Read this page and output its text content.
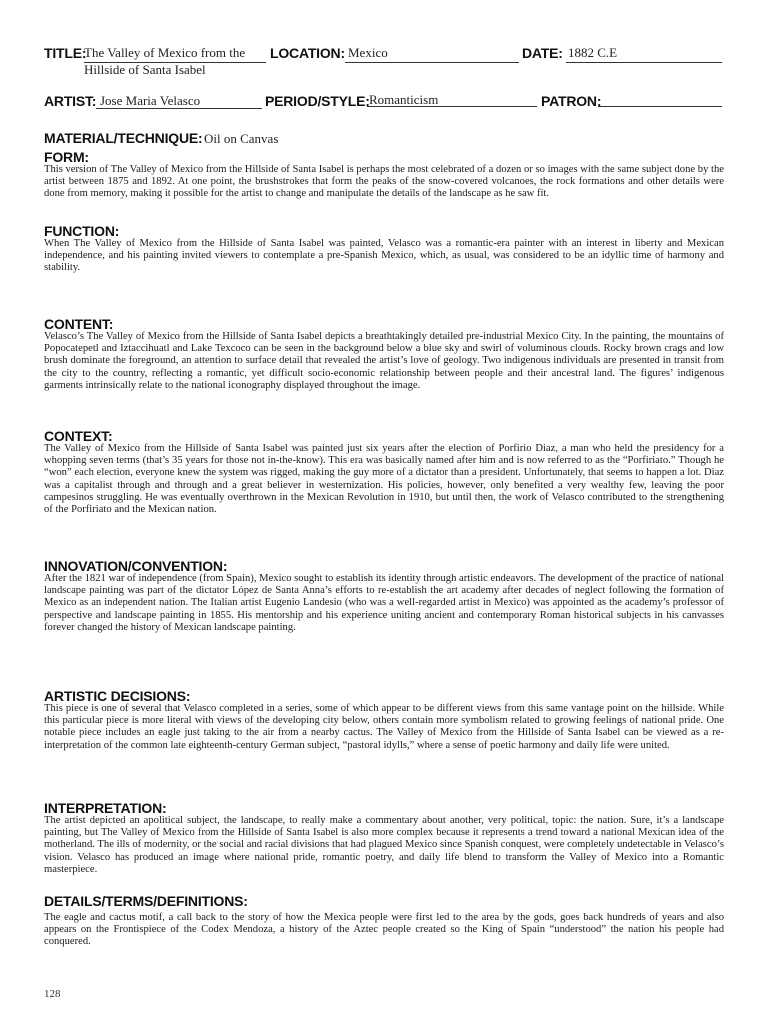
TITLE:
The Valley of Mexico from the
Hillside of Santa Isabel
LOCATION: Mexico	DATE: 1882 C.E
ARTIST: Jose Maria Velasco	PERIOD/STYLE: Romanticism	PATRON:
MATERIAL/TECHNIQUE: Oil on Canvas
FORM:

This version of The Valley of Mexico from the Hillside of Santa Isabel is perhaps the most celebrated of a dozen or so images with the same subject done by the artist between 1875 and 1892. At one point, the brushstrokes that form the peaks of the snow-covered volcanoes, the rock formations and other details were done from memory, making it possible for the artist to change and manipulate the details of the landscape as he saw fit.

FUNCTION:

When The Valley of Mexico from the Hillside of Santa Isabel was painted, Velasco was a romantic-era painter with an interest in liberty and Mexican independence, and his painting invited viewers to contemplate a pre-Spanish Mexico, which, as usual, was considered to be an idyllic time of harmony and stability.

CONTENT:

Velasco’s The Valley of Mexico from the Hillside of Santa Isabel depicts a breathtakingly detailed pre-industrial Mexico City. In the painting, the mountains of Popocatepetl and Iztaccihuatl and Lake Texcoco can be seen in the background below a blue sky and swirl of voluminous clouds. Rocky brown crags and low brush dominate the foreground, an attention to surface detail that revealed the artist’s love of geology. Two indigenous individuals are presented in transit from the city to the country, reflecting a romantic, yet difficult socio-economic relationship between people and their ancestral land. The figures’ indigenous garments intrinsically relate to the national iconography displayed throughout the image.

CONTEXT:

The Valley of Mexico from the Hillside of Santa Isabel was painted just six years after the election of Porfirio Diaz, a man who held the presidency for a whopping seven terms (that’s 35 years for those not in-the-know). This era was basically named after him and is now referred to as the “Porfiriato.” Though he “won” each election, everyone knew the system was rigged, making the guy more of a dictator than a president. Unfortunately, that seems to happen a lot. Diaz was a capitalist through and through and a great believer in westernization. His policies, however, only benefited a very wealthy few, leaving the poor campesinos struggling. He was eventually overthrown in the Mexican Revolution in 1910, but until then, the work of Velasco contributed to the strengthening of the Porfiriato and the Mexican nation.

INNOVATION/CONVENTION:

After the 1821 war of independence (from Spain), Mexico sought to establish its identity through artistic endeavors. The development of the practice of national landscape painting was part of the dictator López de Santa Anna’s efforts to re-establish the art academy after decades of neglect following the formation of Mexico as an independent nation. The Italian artist Eugenio Landesio (who was a well-regarded artist in Mexico) was appointed as the academy’s professor of perspective and landscape painting in 1855. His mentorship and his experience uniting ancient and contemporary Roman historical subjects in his canvasses forever changed the history of Mexican landscape painting.

ARTISTIC DECISIONS:

This piece is one of several that Velasco completed in a series, some of which appear to be different views from this same vantage point on the hillside. While this particular piece is more literal with views of the developing city below, others contain more symbolism related to growing feelings of national pride. One notable piece includes an eagle just taking to the air from a nearby cactus. The Valley of Mexico from the Hillside of Santa Isabel can be viewed as a re-interpretation of the common late eighteenth-century German subject, “pastoral idylls,” where a sense of poetic harmony and daily life were united.

INTERPRETATION:

The artist depicted an apolitical subject, the landscape, to really make a commentary about another, very political, topic: the nation. Sure, it’s a landscape painting, but The Valley of Mexico from the Hillside of Santa Isabel is also more complex because it represents a trend toward a national Mexican idea of the motherland. The ills of modernity, or the social and racial divisions that had plagued Mexico since Spanish conquest, were completely undetectable in Velasco’s vision. Velasco has produced an image where national pride, romantic poetry, and daily life blend to transform the Valley of Mexico into a Romantic masterpiece.

DETAILS/TERMS/DEFINITIONS:

The eagle and cactus motif, a call back to the story of how the Mexica people were first led to the area by the gods, goes back hundreds of years and also appears on the Frontispiece of the Codex Mendoza, a history of the Aztec people created so the King of Spain “understood” the nation his people had conquered.

128
